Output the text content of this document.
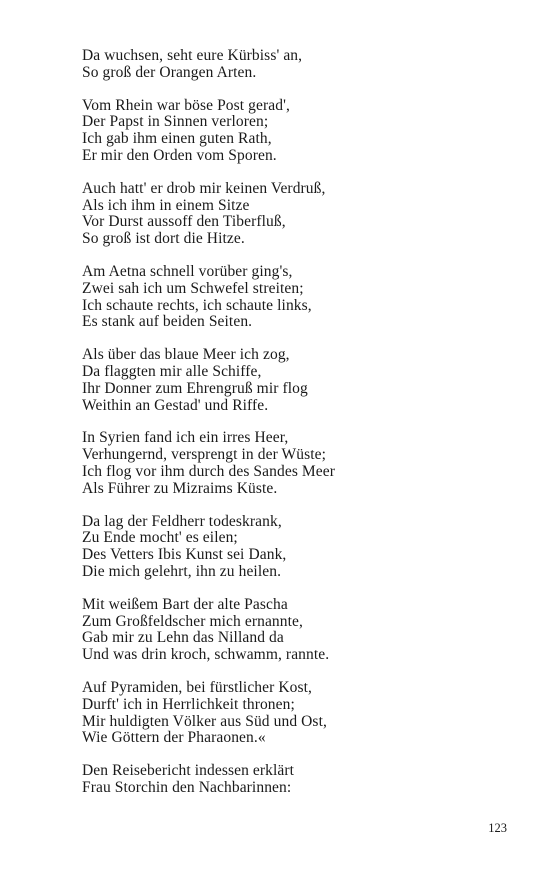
Da wuchsen, seht eure Kürbiss' an,
So groß der Orangen Arten.
Vom Rhein war böse Post gerad',
Der Papst in Sinnen verloren;
Ich gab ihm einen guten Rath,
Er mir den Orden vom Sporen.
Auch hatt' er drob mir keinen Verdruß,
Als ich ihm in einem Sitze
Vor Durst aussoff den Tiberfluß,
So groß ist dort die Hitze.
Am Aetna schnell vorüber ging's,
Zwei sah ich um Schwefel streiten;
Ich schaute rechts, ich schaute links,
Es stank auf beiden Seiten.
Als über das blaue Meer ich zog,
Da flaggten mir alle Schiffe,
Ihr Donner zum Ehrengruß mir flog
Weithin an Gestad' und Riffe.
In Syrien fand ich ein irres Heer,
Verhungernd, versprengt in der Wüste;
Ich flog vor ihm durch des Sandes Meer
Als Führer zu Mizraims Küste.
Da lag der Feldherr todeskrank,
Zu Ende mocht' es eilen;
Des Vetters Ibis Kunst sei Dank,
Die mich gelehrt, ihn zu heilen.
Mit weißem Bart der alte Pascha
Zum Großfeldscher mich ernannte,
Gab mir zu Lehn das Nilland da
Und was drin kroch, schwamm, rannte.
Auf Pyramiden, bei fürstlicher Kost,
Durft' ich in Herrlichkeit thronen;
Mir huldigten Völker aus Süd und Ost,
Wie Göttern der Pharaonen.«
Den Reisebericht indessen erklärt
Frau Storchin den Nachbarinnen:
123
